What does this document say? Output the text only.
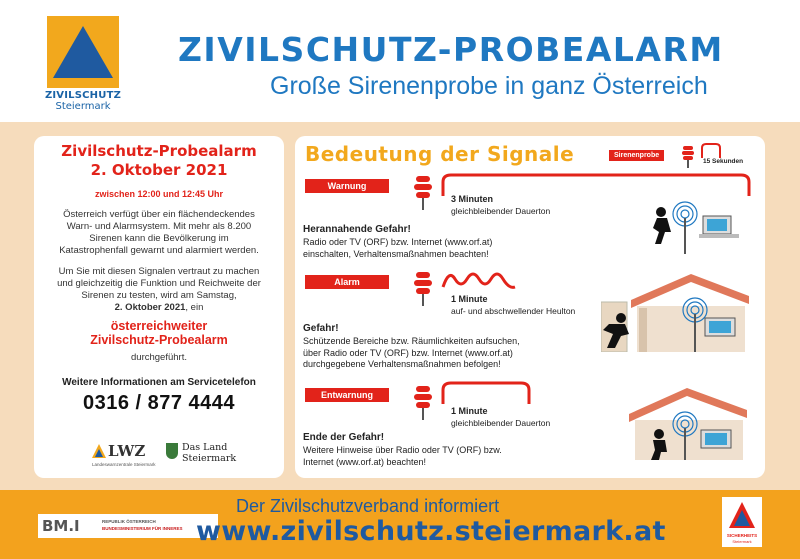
ZIVILSCHUTZ
Steiermark
ZIVILSCHUTZ-PROBEALARM
Große Sirenenprobe in ganz Österreich
Zivilschutz-Probealarm
2. Oktober 2021
zwischen 12:00 und 12:45 Uhr
Österreich verfügt über ein flächendeckendes
Warn- und Alarmsystem. Mit mehr als 8.200
Sirenen kann die Bevölkerung im
Katastrophenfall gewarnt und alarmiert werden.
Um Sie mit diesen Signalen vertraut zu machen
und gleichzeitig die Funktion und Reichweite der
Sirenen zu testen, wird am Samstag,
2. Oktober 2021, ein
österreichweiter
Zivilschutz-Probealarm
durchgeführt.
Weitere Informationen am Servicetelefon
0316 / 877 4444
LWZ
Landeswarnzentrale Steiermark
Das Land
Steiermark
Bedeutung der Signale	Sirenenprobe
15 Sekunden
Warnung
3 Minuten
gleichbleibender Dauerton
Herannahende Gefahr!
Radio oder TV (ORF) bzw. Internet (www.orf.at)
einschalten, Verhaltensmaßnahmen beachten!
Alarm
1 Minute
auf- und abschwellender Heulton
Gefahr!
Schützende Bereiche bzw. Räumlichkeiten aufsuchen,
über Radio oder TV (ORF) bzw. Internet (www.orf.at)
durchgegebene Verhaltensmaßnahmen befolgen!
Entwarnung
1 Minute
gleichbleibender Dauerton
Ende der Gefahr!
Weitere Hinweise über Radio oder TV (ORF) bzw.
Internet (www.orf.at) beachten!
BM.I	REPUBLIK ÖSTERREICH
BUNDESMINISTERIUM FÜR INNERES
Der Zivilschutzverband informiert
www.zivilschutz.steiermark.at	SICHERHEITS
Steiermark
